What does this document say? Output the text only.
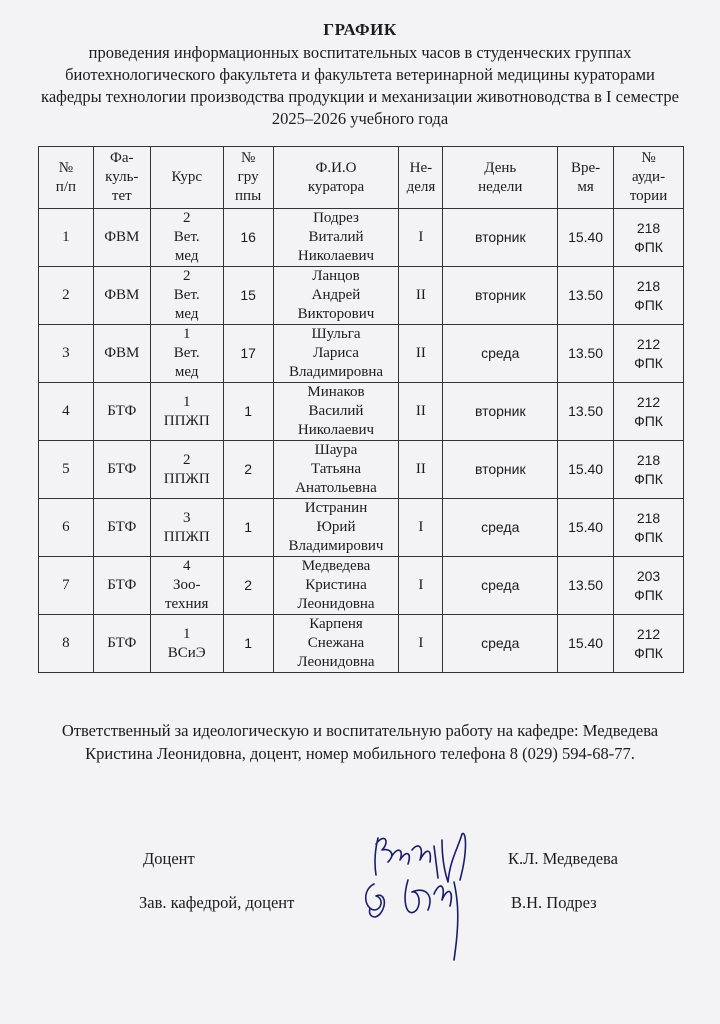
ГРАФИК
проведения информационных воспитательных часов в студенческих группах биотехнологического факультета и факультета ветеринарной медицины кураторами кафедры технологии производства продукции и механизации животноводства в I семестре 2025–2026 учебного года
№
п/п	Фа-
куль-
тет	Курс	№
гру
ппы	Ф.И.О
куратора	Не-
деля	День
недели	Вре-
мя	№
ауди-
тории
1	ФВМ	2
Вет.
мед	16	Подрез
Виталий
Николаевич	I	вторник	15.40	218
ФПК
2	ФВМ	2
Вет.
мед	15	Ланцов
Андрей
Викторович	II	вторник	13.50	218
ФПК
3	ФВМ	1
Вет.
мед	17	Шульга
Лариса
Владимировна	II	среда	13.50	212
ФПК
4	БТФ	1
ППЖП	1	Минаков
Василий
Николаевич	II	вторник	13.50	212
ФПК
5	БТФ	2
ППЖП	2	Шаура
Татьяна
Анатольевна	II	вторник	15.40	218
ФПК
6	БТФ	3
ППЖП	1	Истранин
Юрий
Владимирович	I	среда	15.40	218
ФПК
7	БТФ	4
Зоо-
техния	2	Медведева
Кристина
Леонидовна	I	среда	13.50	203
ФПК
8	БТФ	1
ВСиЭ	1	Карпеня
Снежана
Леонидовна	I	среда	15.40	212
ФПК
Ответственный за идеологическую и воспитательную работу на кафедре: Медведева Кристина Леонидовна, доцент, номер мобильного телефона 8 (029) 594-68-77.
Доцент	К.Л. Медведева
Зав. кафедрой, доцент	В.Н. Подрез
